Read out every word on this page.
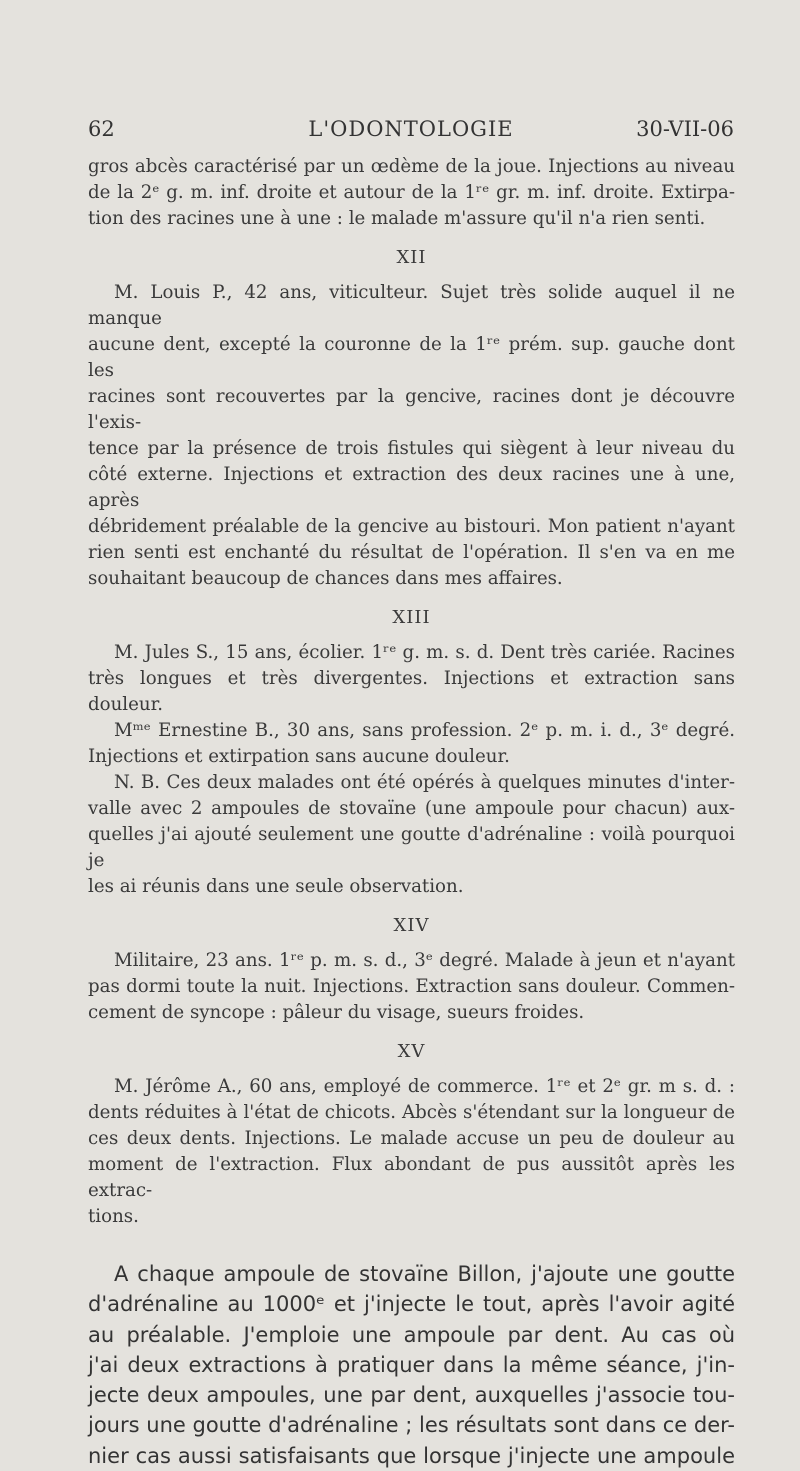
62	L'ODONTOLOGIE	30-VII-06

gros abcès caractérisé par un œdème de la joue. Injections au niveau

de la 2ᵉ g. m. inf. droite et autour de la 1ʳᵉ gr. m. inf. droite. Extirpa-

tion des racines une à une : le malade m'assure qu'il n'a rien senti.

XII

M. Louis P., 42 ans, viticulteur. Sujet très solide auquel il ne manque

aucune dent, excepté la couronne de la 1ʳᵉ prém. sup. gauche dont les

racines sont recouvertes par la gencive, racines dont je découvre l'exis-

tence par la présence de trois fistules qui siègent à leur niveau du

côté externe. Injections et extraction des deux racines une à une, après

débridement préalable de la gencive au bistouri. Mon patient n'ayant

rien senti est enchanté du résultat de l'opération. Il s'en va en me

souhaitant beaucoup de chances dans mes affaires.

XIII

M. Jules S., 15 ans, écolier. 1ʳᵉ g. m. s. d. Dent très cariée. Racines

très longues et très divergentes. Injections et extraction sans douleur.

Mᵐᵉ Ernestine B., 30 ans, sans profession. 2ᵉ p. m. i. d., 3ᵉ degré.

Injections et extirpation sans aucune douleur.

N. B. Ces deux malades ont été opérés à quelques minutes d'inter-

valle avec 2 ampoules de stovaïne (une ampoule pour chacun) aux-

quelles j'ai ajouté seulement une goutte d'adrénaline : voilà pourquoi je

les ai réunis dans une seule observation.

XIV

Militaire, 23 ans. 1ʳᵉ p. m. s. d., 3ᵉ degré. Malade à jeun et n'ayant

pas dormi toute la nuit. Injections. Extraction sans douleur. Commen-

cement de syncope : pâleur du visage, sueurs froides.

XV

M. Jérôme A., 60 ans, employé de commerce. 1ʳᵉ et 2ᵉ gr. m s. d. :

dents réduites à l'état de chicots. Abcès s'étendant sur la longueur de

ces deux dents. Injections. Le malade accuse un peu de douleur au

moment de l'extraction. Flux abondant de pus aussitôt après les extrac-

tions.

A chaque ampoule de stovaïne Billon, j'ajoute une goutte

d'adrénaline au 1000ᵉ et j'injecte le tout, après l'avoir agité

au préalable. J'emploie une ampoule par dent. Au cas où

j'ai deux extractions à pratiquer dans la même séance, j'in-

jecte deux ampoules, une par dent, auxquelles j'associe tou-

jours une goutte d'adrénaline ; les résultats sont dans ce der-

nier cas aussi satisfaisants que lorsque j'injecte une ampoule
